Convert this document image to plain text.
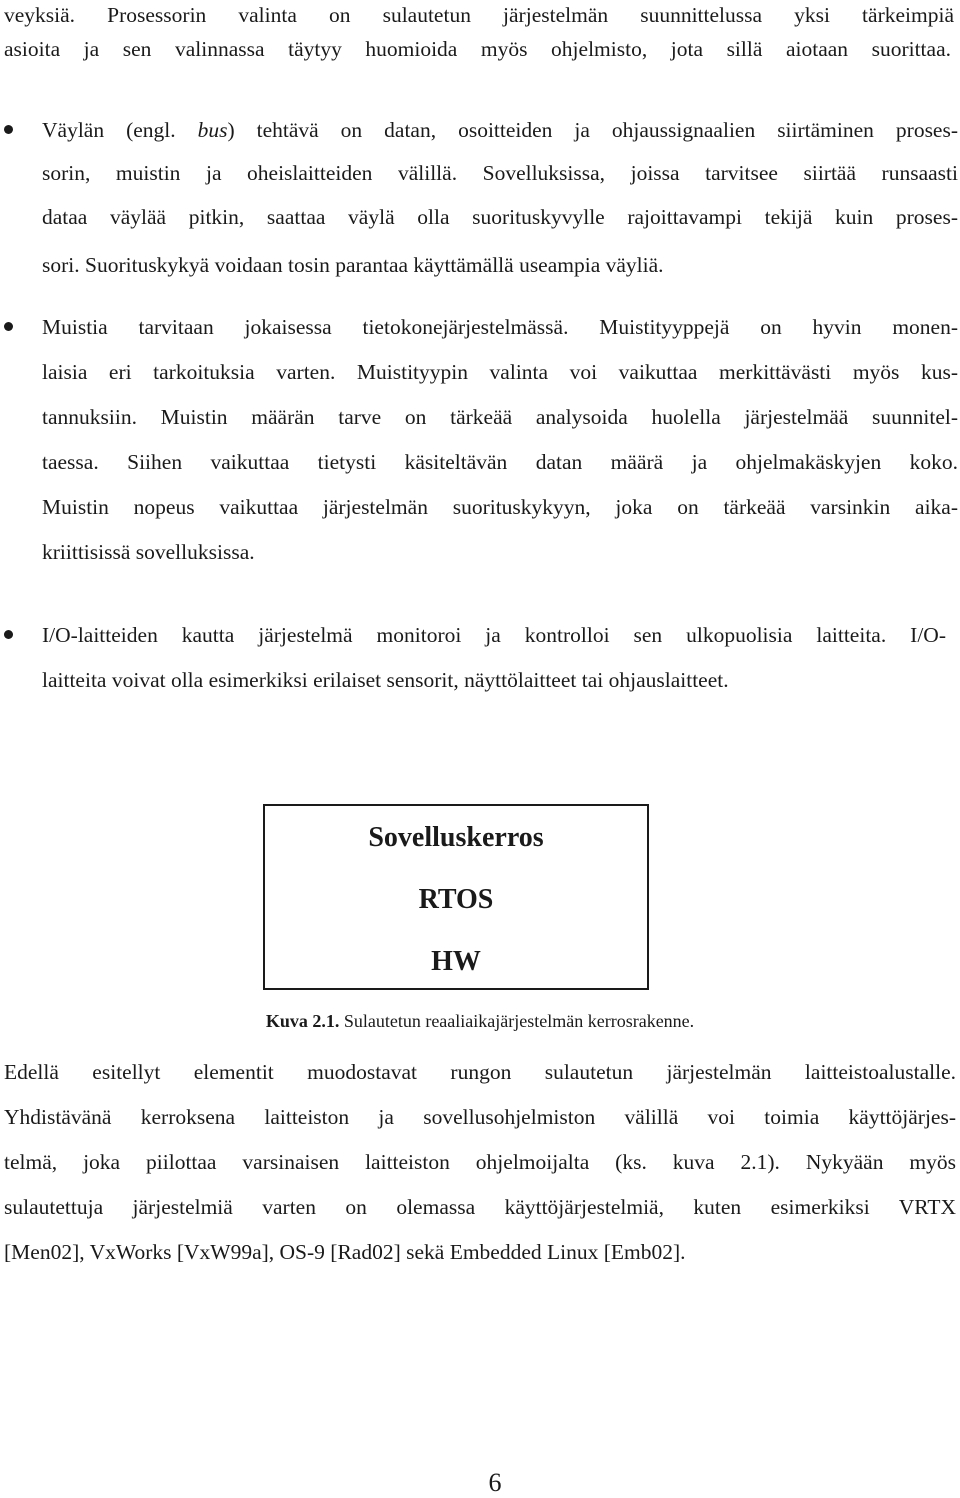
veyksiä. Prosessorin valinta on sulautetun järjestelmän suunnittelussa yksi tärkeimpiä
asioita ja sen valinnassa täytyy huomioida myös ohjelmisto, jota sillä aiotaan suorittaa.
Väylän (engl. bus) tehtävä on datan, osoitteiden ja ohjaussignaalien siirtäminen proses-
sorin, muistin ja oheislaitteiden välillä. Sovelluksissa, joissa tarvitsee siirtää runsaasti
dataa väylää pitkin, saattaa väylä olla suorituskyvylle rajoittavampi tekijä kuin proses-
sori. Suorituskykyä voidaan tosin parantaa käyttämällä useampia väyliä.
Muistia tarvitaan jokaisessa tietokonejärjestelmässä. Muistityyppejä on hyvin monen-
laisia eri tarkoituksia varten. Muistityypin valinta voi vaikuttaa merkittävästi myös kus-
tannuksiin. Muistin määrän tarve on tärkeää analysoida huolella järjestelmää suunnitel-
taessa. Siihen vaikuttaa tietysti käsiteltävän datan määrä ja ohjelmakäskyjen koko.
Muistin nopeus vaikuttaa järjestelmän suorituskykyyn, joka on tärkeää varsinkin aika-
kriittisissä sovelluksissa.
I/O-laitteiden kautta järjestelmä monitoroi ja kontrolloi sen ulkopuolisia laitteita. I/O-
laitteita voivat olla esimerkiksi erilaiset sensorit, näyttölaitteet tai ohjauslaitteet.
Sovelluskerros
RTOS
HW
Kuva 2.1. Sulautetun reaaliaikajärjestelmän kerrosrakenne.
Edellä esitellyt elementit muodostavat rungon sulautetun järjestelmän laitteistoalustalle.
Yhdistävänä kerroksena laitteiston ja sovellusohjelmiston välillä voi toimia käyttöjärjes-
telmä, joka piilottaa varsinaisen laitteiston ohjelmoijalta (ks. kuva 2.1). Nykyään myös
sulautettuja järjestelmiä varten on olemassa käyttöjärjestelmiä, kuten esimerkiksi VRTX
[Men02], VxWorks [VxW99a], OS-9 [Rad02] sekä Embedded Linux [Emb02].
6
